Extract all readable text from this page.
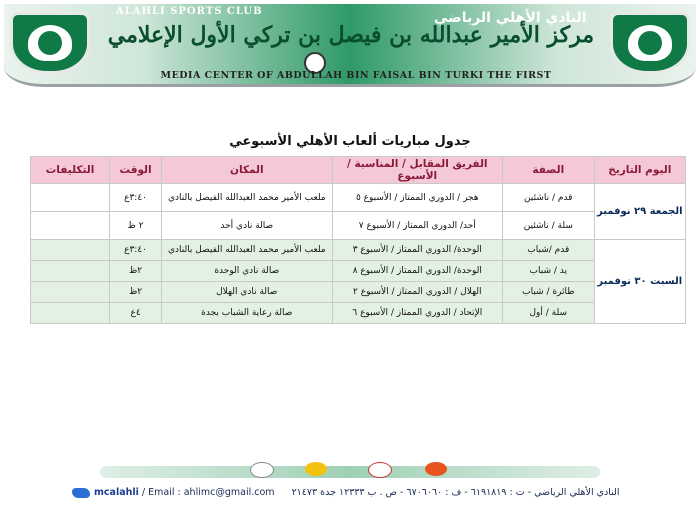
ALAHLI SPORTS CLUB	النادي الأهلي الرياضي
مركز الأمير عبدالله بن فيصل بن تركي الأول الإعلامي
MEDIA CENTER OF ABDULLAH BIN FAISAL BIN TURKI THE FIRST
جدول مباريات ألعاب الأهلي الأسبوعي
اليوم التاريخ	الصفة	الفريق المقابل / المناسبة / الأسبوع	المكان	الوقت	التكليفات
الجمعة ٢٩ نوفمبر	قدم / ناشئين	هجر / الدوري الممتاز / الأسبوع ٥	ملعب الأمير محمد العبدالله الفيصل بالنادي	٣:٤٠ع	
	سلة / ناشئين	أحد/ الدوري الممتاز / الأسبوع ٧	صالة نادي أحد	٢ ظ	
السبت ٣٠ نوفمبر	قدم /شباب	الوحدة/ الدوري الممتاز / الأسبوع ٣	ملعب الأمير محمد العبدالله الفيصل بالنادي	٣:٤٠ع	
	يد / شباب	الوحدة/ الدوري الممتاز / الأسبوع ٨	صالة نادي الوحدة	٢ظ	
	طائرة / شباب	الهلال / الدوري الممتاز / الأسبوع ٢	صالة نادي الهلال	٢ظ	
	سلة / أول	الإتحاد / الدوري الممتاز / الأسبوع ٦	صالة رعاية الشباب بجدة	٤ع	
mcalahli / Email : ahlimc@gmail.com النادي الأهلي الرياضي - ت : ٦١٩١٨١٩ - ف : ٦٧٠٦٠٦٠ - ص . ب ١٢٣٣٣ جدة ٢١٤٧٣
